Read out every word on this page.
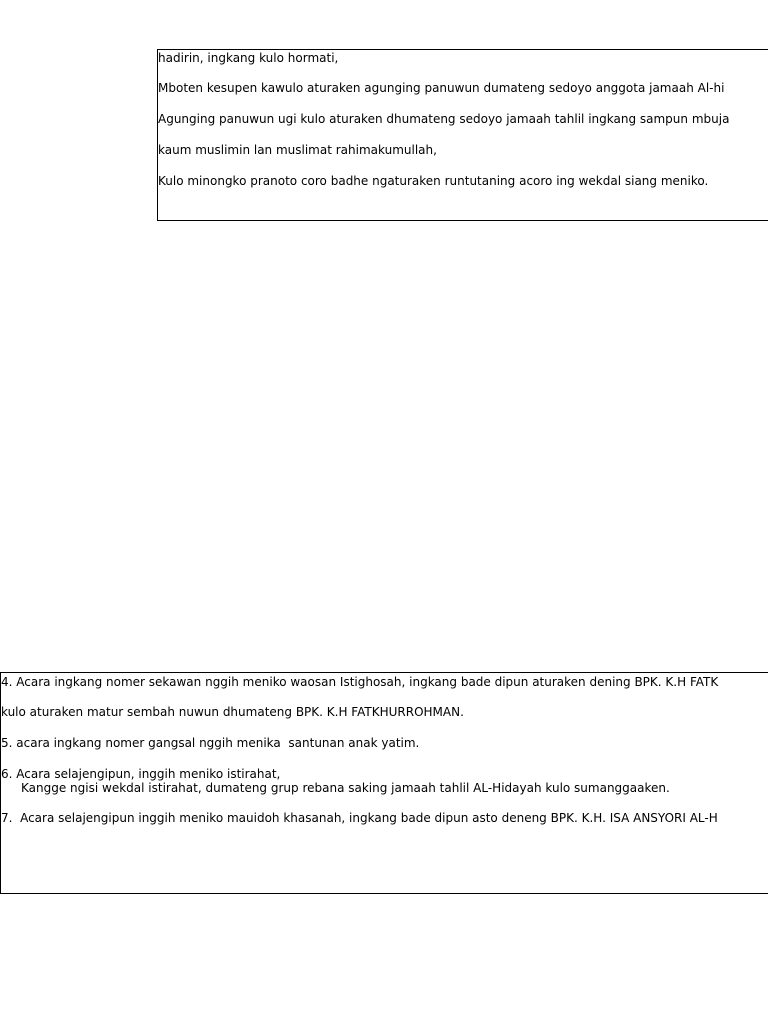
hadirin, ingkang kulo hormati,
Mboten kesupen kawulo aturaken agunging panuwun dumateng sedoyo anggota jamaah Al-hi
Agunging panuwun ugi kulo aturaken dhumateng sedoyo jamaah tahlil ingkang sampun mbuja
kaum muslimin lan muslimat rahimakumullah,
Kulo minongko pranoto coro badhe ngaturaken runtutaning acoro ing wekdal siang meniko.
4. Acara ingkang nomer sekawan nggih meniko waosan Istighosah, ingkang bade dipun aturaken dening BPK. K.H FATK
kulo aturaken matur sembah nuwun dhumateng BPK. K.H FATKHURROHMAN.
5. acara ingkang nomer gangsal nggih menika  santunan anak yatim.
6. Acara selajengipun, inggih meniko istirahat,
Kangge ngisi wekdal istirahat, dumateng grup rebana saking jamaah tahlil AL-Hidayah kulo sumanggaaken.
7.  Acara selajengipun inggih meniko mauidoh khasanah, ingkang bade dipun asto deneng BPK. K.H. ISA ANSYORI AL-H
